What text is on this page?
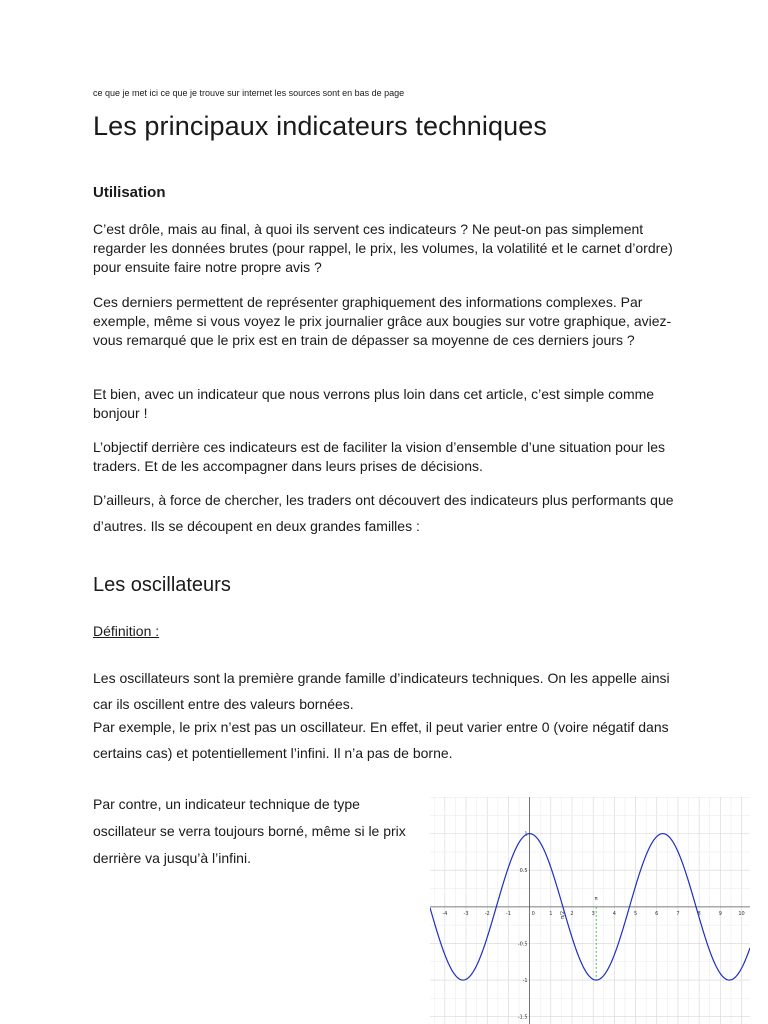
ce que je met ici ce que je trouve sur internet les sources sont en bas de page

Les principaux indicateurs techniques
Utilisation

C’est drôle, mais au final, à quoi ils servent ces indicateurs ? Ne peut-on pas simplement regarder les données brutes (pour rappel, le prix, les volumes, la volatilité et le carnet d’ordre) pour ensuite faire notre propre avis ?

Ces derniers permettent de représenter graphiquement des informations complexes. Par exemple, même si vous voyez le prix journalier grâce aux bougies sur votre graphique, aviez-vous remarqué que le prix est en train de dépasser sa moyenne de ces derniers jours ?

Et bien, avec un indicateur que nous verrons plus loin dans cet article, c’est simple comme bonjour !

L’objectif derrière ces indicateurs est de faciliter la vision d’ensemble d’une situation pour les traders. Et de les accompagner dans leurs prises de décisions.

D’ailleurs, à force de chercher, les traders ont découvert des indicateurs plus performants que d’autres. Ils se découpent en deux grandes familles :

Les oscillateurs

Définition :

Les oscillateurs sont la première grande famille d’indicateurs techniques. On les appelle ainsi car ils oscillent entre des valeurs bornées.

Par exemple, le prix n’est pas un oscillateur. En effet, il peut varier entre 0 (voire négatif dans certains cas) et potentiellement l’infini. Il n’a pas de borne.

Par contre, un indicateur technique de type oscillateur se verra toujours borné, même si le prix derrière va jusqu’à l’infini.

-4	-3	-2	-1	0	1	2	3	4	5	6	7	8	9	10
1
0.5
-0.5
-1
-1.5
π
π/2
